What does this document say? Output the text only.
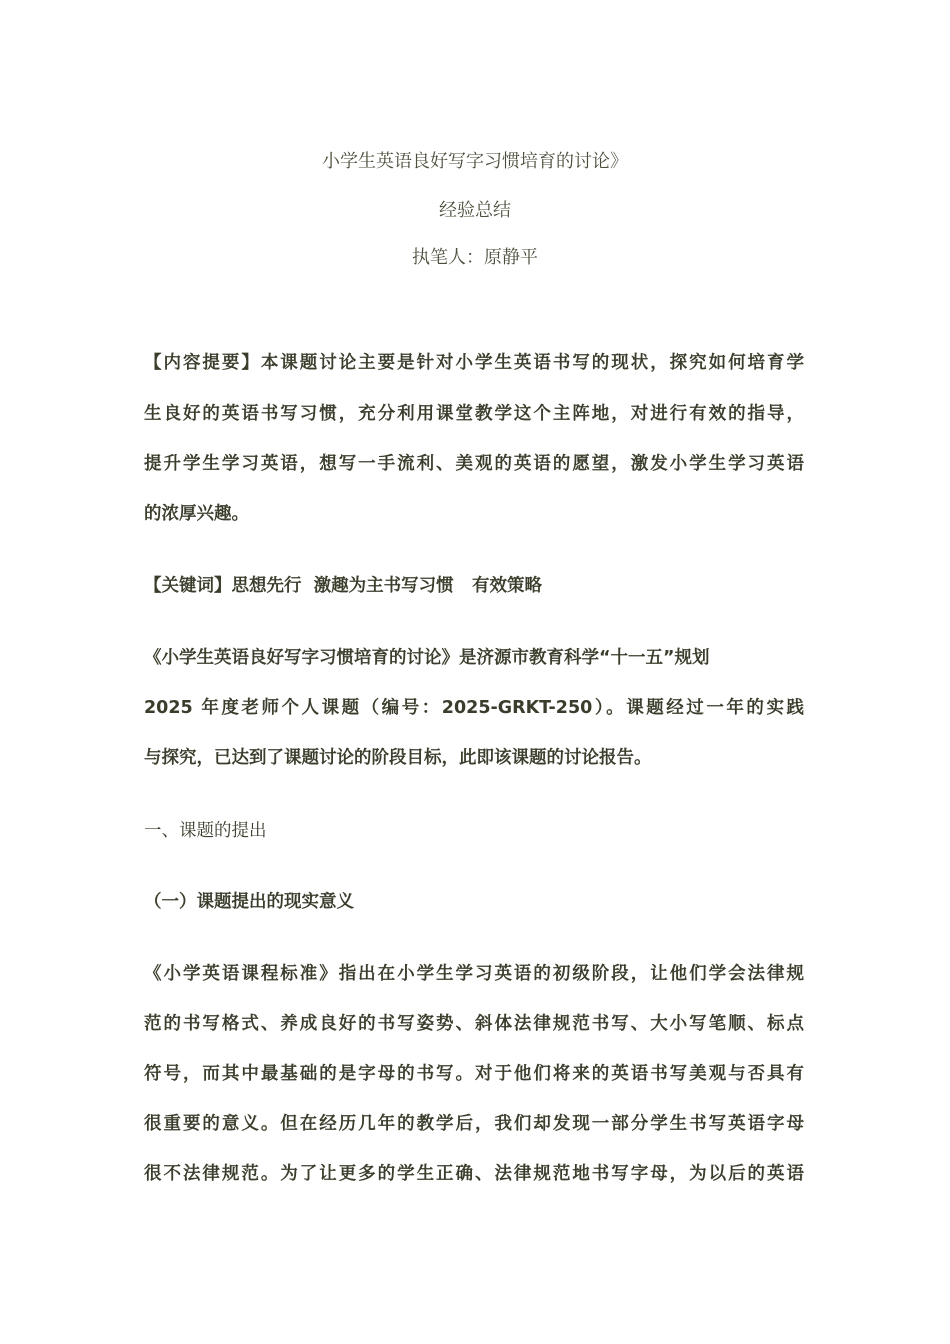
小学生英语良好写字习惯培育的讨论》
经验总结
执笔人：原静平
【内容提要】本课题讨论主要是针对小学生英语书写的现状，探究如何培育学
生良好的英语书写习惯，充分利用课堂教学这个主阵地，对进行有效的指导，
提升学生学习英语，想写一手流利、美观的英语的愿望，激发小学生学习英语
的浓厚兴趣。
【关键词】思想先行  激趣为主书写习惯   有效策略
《小学生英语良好写字习惯培育的讨论》是济源市教育科学“十一五”规划
2025 年度老师个人课题（编号：2025-GRKT-250）。课题经过一年的实践
与探究，已达到了课题讨论的阶段目标，此即该课题的讨论报告。
一、课题的提出
（一）课题提出的现实意义
《小学英语课程标准》指出在小学生学习英语的初级阶段，让他们学会法律规
范的书写格式、养成良好的书写姿势、斜体法律规范书写、大小写笔顺、标点
符号，而其中最基础的是字母的书写。对于他们将来的英语书写美观与否具有
很重要的意义。但在经历几年的教学后，我们却发现一部分学生书写英语字母
很不法律规范。为了让更多的学生正确、法律规范地书写字母，为以后的英语
